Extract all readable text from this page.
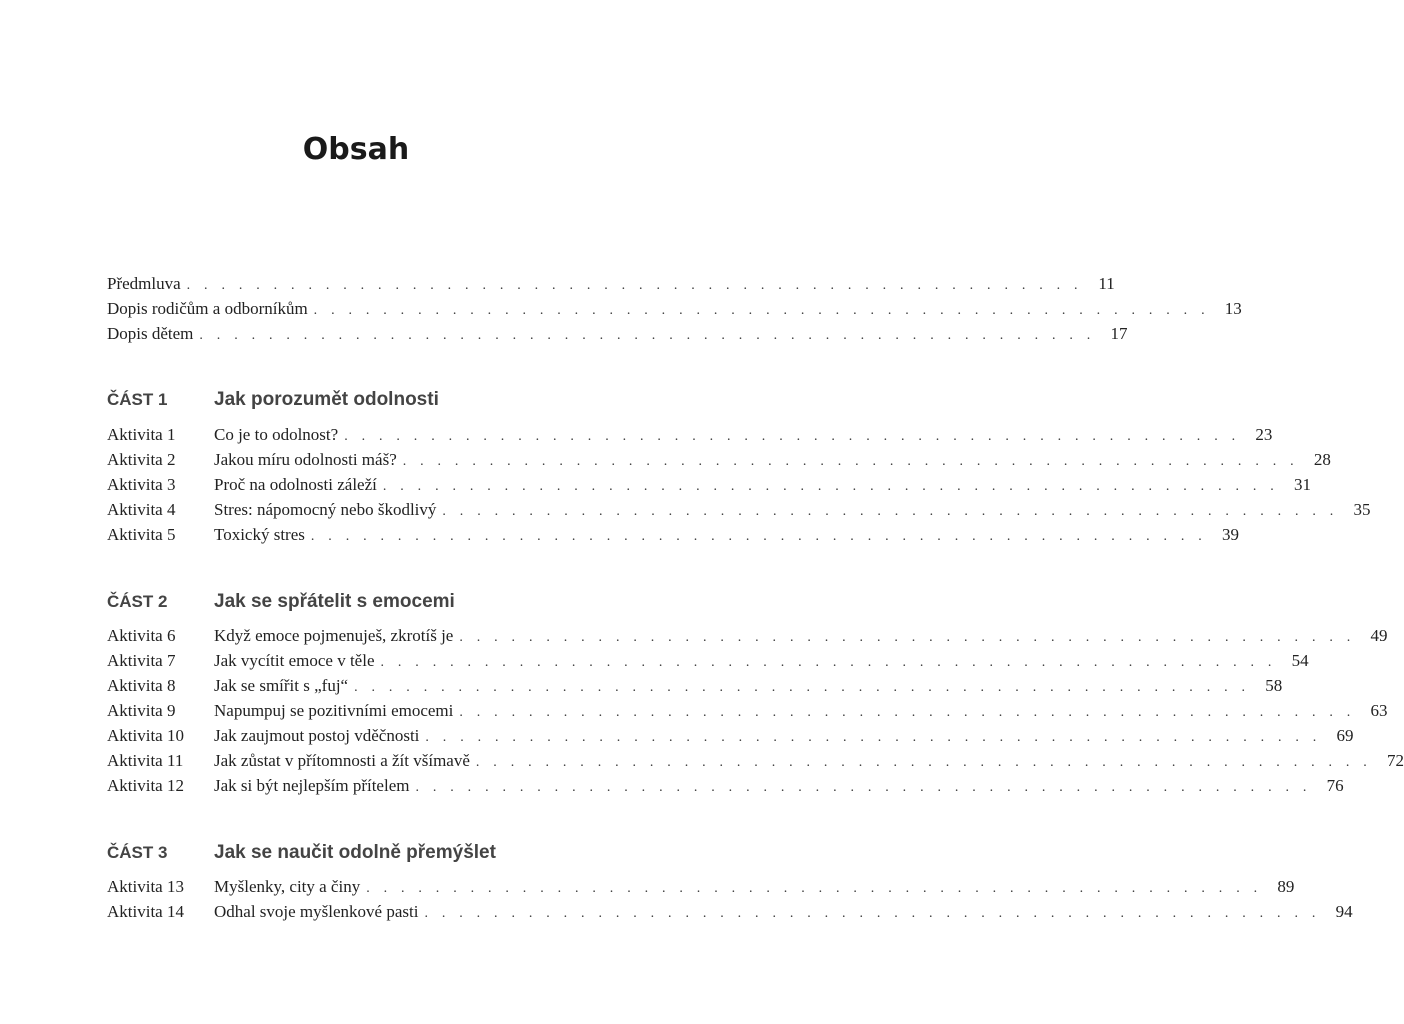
Obsah
Předmluva . . . . . . . . . . . . . . . . . . . . . . . . . . . . . . . . . . . . . . . . . . . . . . . . . . . . 11
Dopis rodičům a odborníkům . . . . . . . . . . . . . . . . . . . . . . . . . . . . . . . . . . . . . . . . . . . . . . . . . . . . 13
Dopis dětem . . . . . . . . . . . . . . . . . . . . . . . . . . . . . . . . . . . . . . . . . . . . . . . . . . . . 17
ČÁST 1	Jak porozumět odolnosti
Aktivita 1	Co je to odolnost? . . . . . . . . . . . . . . . . . . . . . . . . . . . . . . . . . . . . . . . . . . . . . . . . . . . . 23
Aktivita 2	Jakou míru odolnosti máš? . . . . . . . . . . . . . . . . . . . . . . . . . . . . . . . . . . . . . . . . . . . . . . . . . . . . 28
Aktivita 3	Proč na odolnosti záleží . . . . . . . . . . . . . . . . . . . . . . . . . . . . . . . . . . . . . . . . . . . . . . . . . . . . 31
Aktivita 4	Stres: nápomocný nebo škodlivý . . . . . . . . . . . . . . . . . . . . . . . . . . . . . . . . . . . . . . . . . . . . . . . . . . . . 35
Aktivita 5	Toxický stres . . . . . . . . . . . . . . . . . . . . . . . . . . . . . . . . . . . . . . . . . . . . . . . . . . . . 39
ČÁST 2	Jak se spřátelit s emocemi
Aktivita 6	Když emoce pojmenuješ, zkrotíš je . . . . . . . . . . . . . . . . . . . . . . . . . . . . . . . . . . . . . . . . . . . . . . . . . . . . 49
Aktivita 7	Jak vycítit emoce v těle . . . . . . . . . . . . . . . . . . . . . . . . . . . . . . . . . . . . . . . . . . . . . . . . . . . . 54
Aktivita 8	Jak se smířit s „fuj“ . . . . . . . . . . . . . . . . . . . . . . . . . . . . . . . . . . . . . . . . . . . . . . . . . . . . 58
Aktivita 9	Napumpuj se pozitivními emocemi . . . . . . . . . . . . . . . . . . . . . . . . . . . . . . . . . . . . . . . . . . . . . . . . . . . . 63
Aktivita 10	Jak zaujmout postoj vděčnosti . . . . . . . . . . . . . . . . . . . . . . . . . . . . . . . . . . . . . . . . . . . . . . . . . . . . 69
Aktivita 11	Jak zůstat v přítomnosti a žít všímavě . . . . . . . . . . . . . . . . . . . . . . . . . . . . . . . . . . . . . . . . . . . . . . . . . . . . 72
Aktivita 12	Jak si být nejlepším přítelem . . . . . . . . . . . . . . . . . . . . . . . . . . . . . . . . . . . . . . . . . . . . . . . . . . . . 76
ČÁST 3	Jak se naučit odolně přemýšlet
Aktivita 13	Myšlenky, city a činy . . . . . . . . . . . . . . . . . . . . . . . . . . . . . . . . . . . . . . . . . . . . . . . . . . . . 89
Aktivita 14	Odhal svoje myšlenkové pasti . . . . . . . . . . . . . . . . . . . . . . . . . . . . . . . . . . . . . . . . . . . . . . . . . . . . 94
